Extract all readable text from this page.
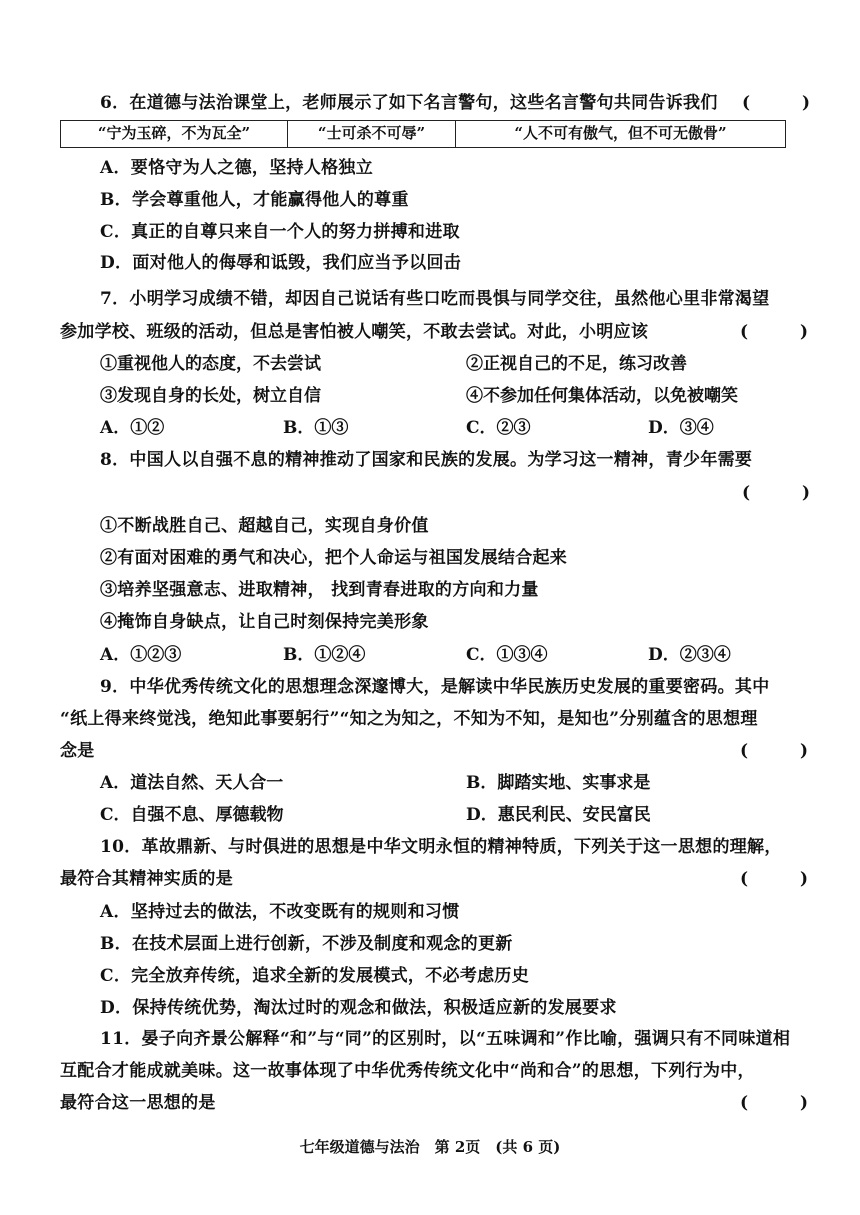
6．在道德与法治课堂上，老师展示了如下名言警句，这些名言警句共同告诉我们 (　　)
“宁为玉碎，不为瓦全”	“士可杀不可辱”	“人不可有傲气，但不可无傲骨”
A．要恪守为人之德，坚持人格独立
B．学会尊重他人，才能赢得他人的尊重
C．真正的自尊只来自一个人的努力拼搏和进取
D．面对他人的侮辱和诋毁，我们应当予以回击
7．小明学习成绩不错，却因自己说话有些口吃而畏惧与同学交往，虽然他心里非常渴望
参加学校、班级的活动，但总是害怕被人嘲笑，不敢去尝试。对此，小明应该	(　　)
①重视他人的态度，不去尝试	②正视自己的不足，练习改善
③发现自身的长处，树立自信	④不参加任何集体活动，以免被嘲笑
A．①②	B．①③	C．②③	D．③④
8．中国人以自强不息的精神推动了国家和民族的发展。为学习这一精神，青少年需要
(　　)
①不断战胜自己、超越自己，实现自身价值
②有面对困难的勇气和决心，把个人命运与祖国发展结合起来
③培养坚强意志、进取精神， 找到青春进取的方向和力量
④掩饰自身缺点，让自己时刻保持完美形象
A．①②③	B．①②④	C．①③④	D．②③④
9．中华优秀传统文化的思想理念深邃博大，是解读中华民族历史发展的重要密码。其中
“纸上得来终觉浅，绝知此事要躬行”“知之为知之，不知为不知，是知也”分别蕴含的思想理
念是	(　　)
A．道法自然、天人合一	B．脚踏实地、实事求是
C．自强不息、厚德载物	D．惠民利民、安民富民
10．革故鼎新、与时俱进的思想是中华文明永恒的精神特质，下列关于这一思想的理解，
最符合其精神实质的是	(　　)
A．坚持过去的做法，不改变既有的规则和习惯
B．在技术层面上进行创新，不涉及制度和观念的更新
C．完全放弃传统，追求全新的发展模式，不必考虑历史
D．保持传统优势，淘汰过时的观念和做法，积极适应新的发展要求
11．晏子向齐景公解释“和”与“同”的区别时，以“五味调和”作比喻，强调只有不同味道相
互配合才能成就美味。这一故事体现了中华优秀传统文化中“尚和合”的思想，下列行为中，
最符合这一思想的是	(　　)
七年级道德与法治　第 2页　(共 6 页)
